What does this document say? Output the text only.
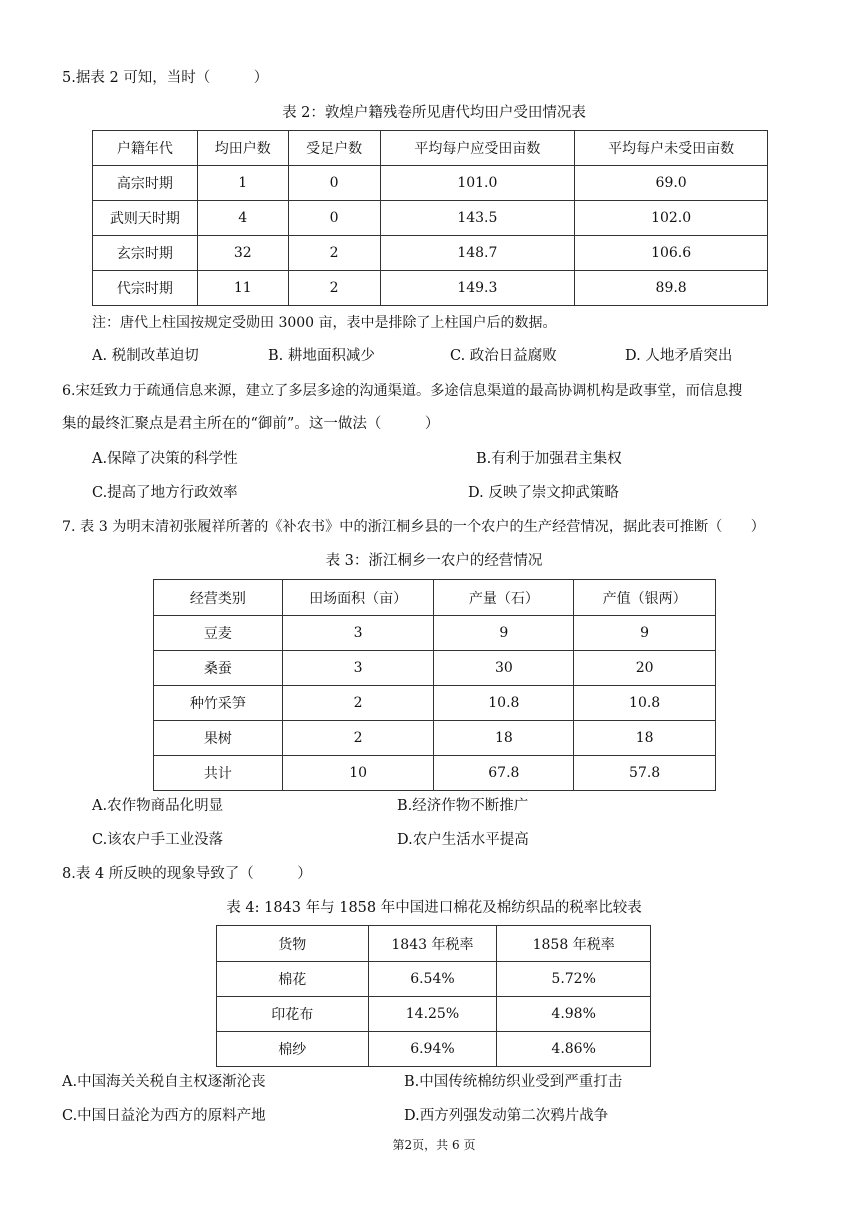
5.据表 2 可知，当时（　　　）
表 2：敦煌户籍残卷所见唐代均田户受田情况表
户籍年代	均田户数	受足户数	平均每户应受田亩数	平均每户未受田亩数
高宗时期	1	0	101.0	69.0
武则天时期	4	0	143.5	102.0
玄宗时期	32	2	148.7	106.6
代宗时期	11	2	149.3	89.8
注：唐代上柱国按规定受勋田 3000 亩，表中是排除了上柱国户后的数据。
A. 税制改革迫切	B. 耕地面积减少	C. 政治日益腐败	D. 人地矛盾突出
6.宋廷致力于疏通信息来源，建立了多层多途的沟通渠道。多途信息渠道的最高协调机构是政事堂，而信息搜
集的最终汇聚点是君主所在的“御前”。这一做法（　　　）
A.保障了决策的科学性	B.有利于加强君主集权
C.提高了地方行政效率	D. 反映了崇文抑武策略
7. 表 3 为明末清初张履祥所著的《补农书》中的浙江桐乡县的一个农户的生产经营情况，据此表可推断（　　）
表 3：浙江桐乡一农户的经营情况
经营类别	田场面积（亩）	产量（石）	产值（银两）
豆麦	3	9	9
桑蚕	3	30	20
种竹采笋	2	10.8	10.8
果树	2	18	18
共计	10	67.8	57.8
A.农作物商品化明显	B.经济作物不断推广
C.该农户手工业没落	D.农户生活水平提高
8.表 4 所反映的现象导致了（　　　）
表 4: 1843 年与 1858 年中国进口棉花及棉纺织品的税率比较表
货物	1843 年税率	1858 年税率
棉花	6.54%	5.72%
印花布	14.25%	4.98%
棉纱	6.94%	4.86%
A.中国海关关税自主权逐渐沦丧	B.中国传统棉纺织业受到严重打击
C.中国日益沦为西方的原料产地	D.西方列强发动第二次鸦片战争
第2页，共 6 页
